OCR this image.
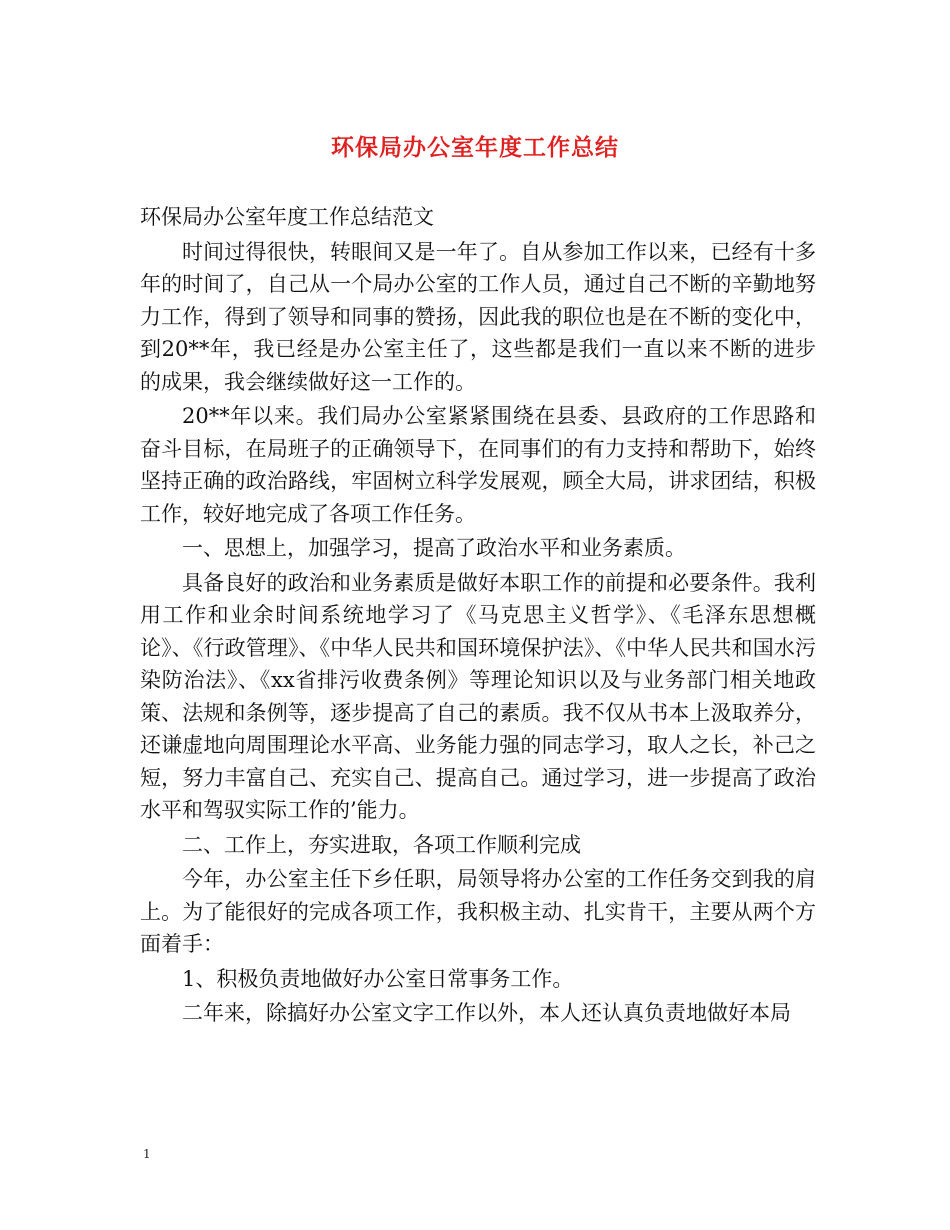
环保局办公室年度工作总结

环保局办公室年度工作总结范文

时间过得很快，转眼间又是一年了。自从参加工作以来，已经有十多年的时间了，自己从一个局办公室的工作人员，通过自己不断的辛勤地努力工作，得到了领导和同事的赞扬，因此我的职位也是在不断的变化中，到20**年，我已经是办公室主任了，这些都是我们一直以来不断的进步的成果，我会继续做好这一工作的。

20**年以来。我们局办公室紧紧围绕在县委、县政府的工作思路和奋斗目标，在局班子的正确领导下，在同事们的有力支持和帮助下，始终坚持正确的政治路线，牢固树立科学发展观，顾全大局，讲求团结，积极工作，较好地完成了各项工作任务。

一、思想上，加强学习，提高了政治水平和业务素质。

具备良好的政治和业务素质是做好本职工作的前提和必要条件。我利用工作和业余时间系统地学习了《马克思主义哲学》、《毛泽东思想概论》、《行政管理》、《中华人民共和国环境保护法》、《中华人民共和国水污染防治法》、《xx省排污收费条例》等理论知识以及与业务部门相关地政策、法规和条例等，逐步提高了自己的素质。我不仅从书本上汲取养分，还谦虚地向周围理论水平高、业务能力强的同志学习，取人之长，补己之短，努力丰富自己、充实自己、提高自己。通过学习，进一步提高了政治水平和驾驭实际工作的’能力。

二、工作上，夯实进取，各项工作顺利完成

今年，办公室主任下乡任职，局领导将办公室的工作任务交到我的肩上。为了能很好的完成各项工作，我积极主动、扎实肯干，主要从两个方面着手：

1、积极负责地做好办公室日常事务工作。

二年来，除搞好办公室文字工作以外，本人还认真负责地做好本局

1
